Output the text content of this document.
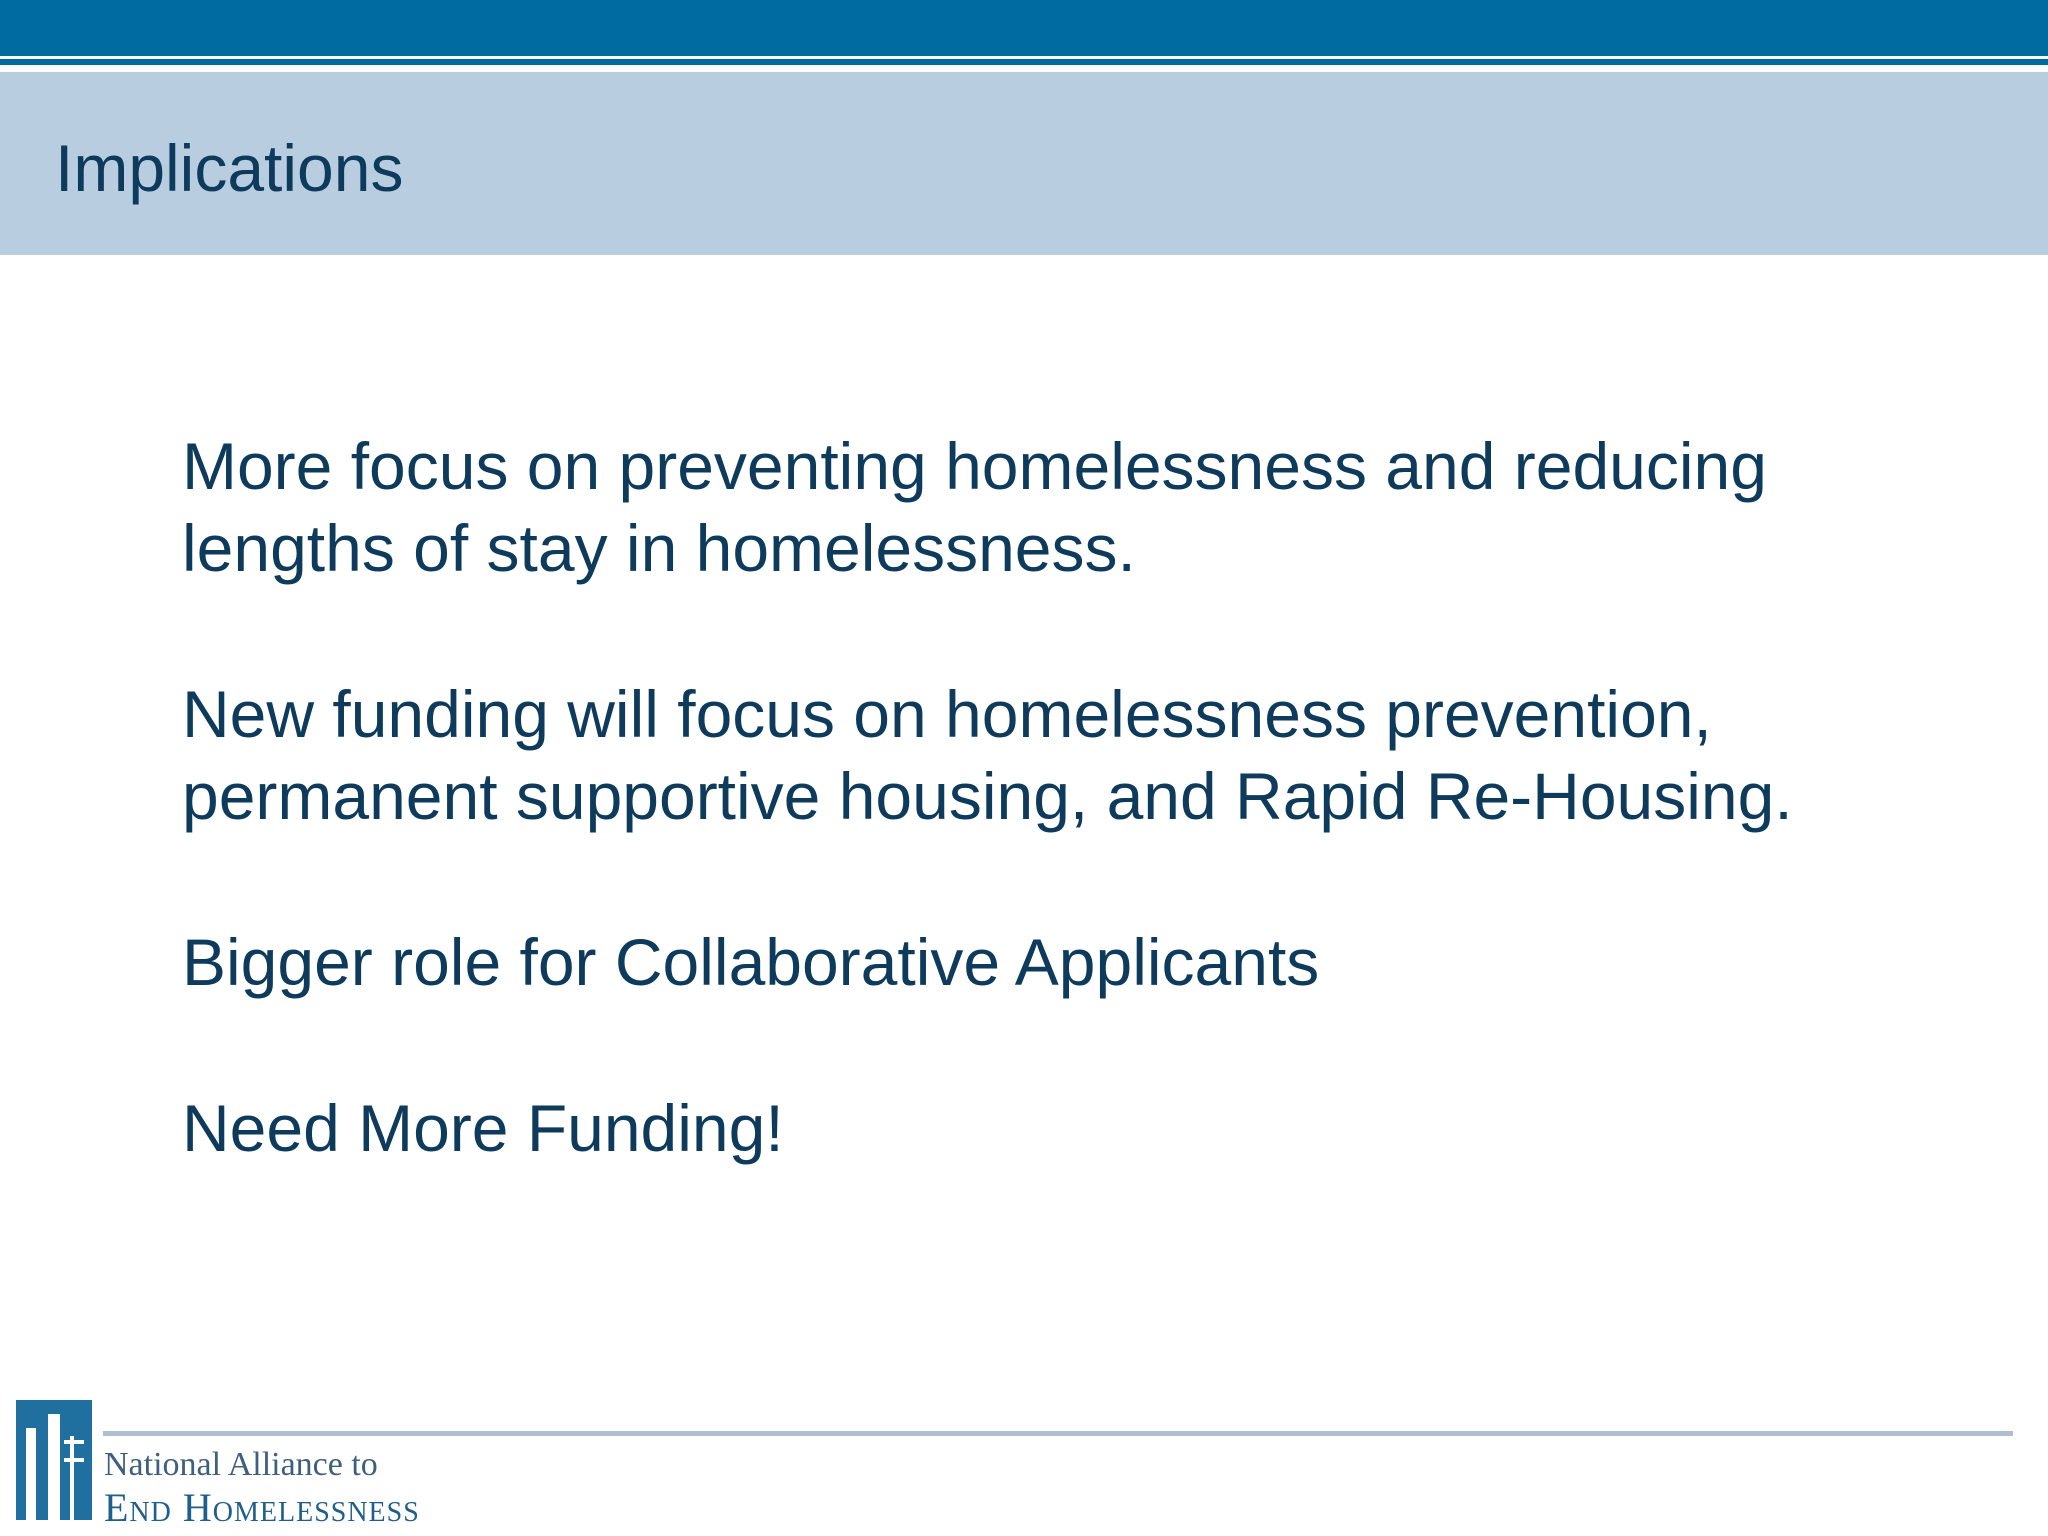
Implications

More focus on preventing homelessness and reducing lengths of stay in homelessness.

New funding will focus on homelessness prevention, permanent supportive housing, and Rapid Re-Housing.

Bigger role for Collaborative Applicants

Need More Funding!

National Alliance to
End Homelessness
